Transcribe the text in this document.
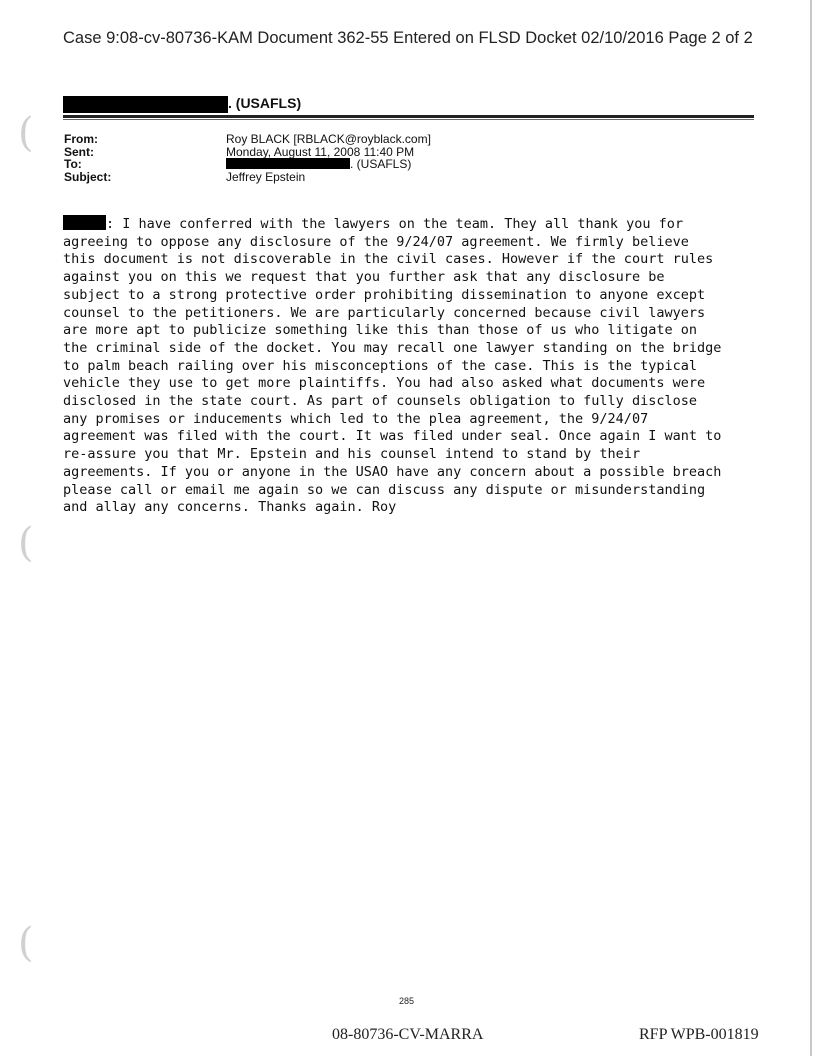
Case 9:08-cv-80736-KAM Document 362-55 Entered on FLSD Docket 02/10/2016 Page 2 of 2
. (USAFLS)
From:	Roy BLACK [RBLACK@royblack.com]
Sent:	Monday, August 11, 2008 11:40 PM
To:	. (USAFLS)
Subject:	Jeffrey Epstein
: I have conferred with the lawyers on the team. They all thank you for
agreeing to oppose any disclosure of the 9/24/07 agreement. We firmly believe
this document is not discoverable in the civil cases. However if the court rules
against you on this we request that you further ask that any disclosure be
subject to a strong protective order prohibiting dissemination to anyone except
counsel to the petitioners. We are particularly concerned because civil lawyers
are more apt to publicize something like this than those of us who litigate on
the criminal side of the docket. You may recall one lawyer standing on the bridge
to palm beach railing over his misconceptions of the case. This is the typical
vehicle they use to get more plaintiffs. You had also asked what documents were
disclosed in the state court. As part of counsels obligation to fully disclose
any promises or inducements which led to the plea agreement, the 9/24/07
agreement was filed with the court. It was filed under seal. Once again I want to
re-assure you that Mr. Epstein and his counsel intend to stand by their
agreements. If you or anyone in the USAO have any concern about a possible breach
please call or email me again so we can discuss any dispute or misunderstanding
and allay any concerns. Thanks again. Roy
(
(
(
285
08-80736-CV-MARRA	RFP WPB-001819
